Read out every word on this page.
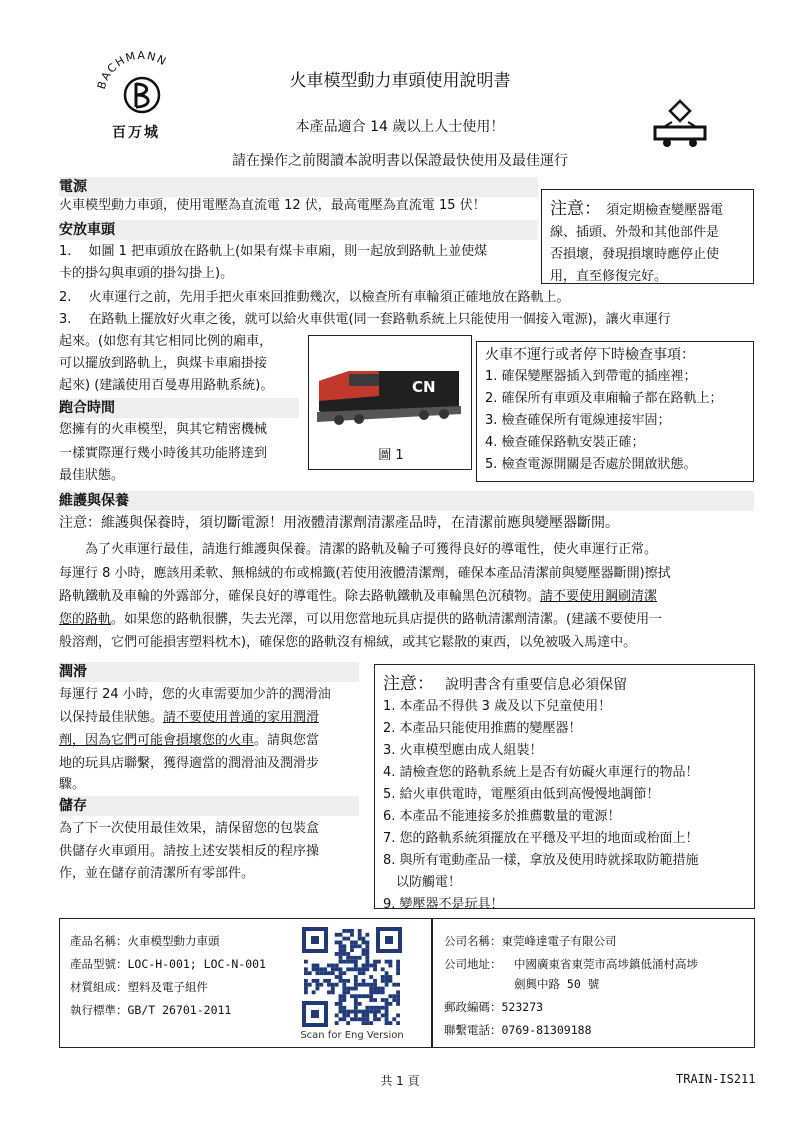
BACHMANN
百万城
火車模型動力車頭使用說明書
本產品適合 14 歲以上人士使用！
請在操作之前閱讀本說明書以保證最快使用及最佳運行
電源
火車模型動力車頭，使用電壓為直流電 12 伏，最高電壓為直流電 15 伏！	注意： 須定期檢查變壓器電
線、插頭、外殼和其他部件是
否損壞，發現損壞時應停止使
用，直至修復完好。
安放車頭
1.　 如圖 1 把車頭放在路軌上(如果有煤卡車廂，則一起放到路軌上並使煤
卡的掛勾與車頭的掛勾掛上)。
2.　 火車運行之前，先用手把火車來回推動幾次，以檢查所有車輪須正確地放在路軌上。
3.　 在路軌上擺放好火車之後，就可以給火車供電(同一套路軌系統上只能使用一個接入電源)，讓火車運行
起來。(如您有其它相同比例的廂車，
可以擺放到路軌上，與煤卡車廂掛接
起來) (建議使用百曼專用路軌系統)。	CN
圖 1
跑合時間
您擁有的火車模型，與其它精密機械
一樣實際運行幾小時後其功能將達到
最佳狀態。
火車不運行或者停下時檢查事項：
1. 確保變壓器插入到帶電的插座裡；
2. 確保所有車頭及車廂輪子都在路軌上；
3. 檢查確保所有電線連接牢固；
4. 檢查確保路軌安裝正確；
5. 檢查電源開關是否處於開啟狀態。
維護與保養
注意：維護與保養時，須切斷電源！用液體清潔劑清潔產品時，在清潔前應與變壓器斷開。
　　為了火車運行最佳，請進行維護與保養。清潔的路軌及輪子可獲得良好的導電性，使火車運行正常。
每運行 8 小時，應該用柔軟、無棉絨的布或棉籤(若使用液體清潔劑，確保本產品清潔前與變壓器斷開)擦拭
路軌鐵軌及車輪的外露部分，確保良好的導電性。除去路軌鐵軌及車輪黑色沉積物。請不要使用鋼刷清潔
您的路軌。如果您的路軌很髒，失去光澤，可以用您當地玩具店提供的路軌清潔劑清潔。(建議不要使用一
般溶劑，它們可能損害塑料枕木)，確保您的路軌沒有棉絨，或其它鬆散的東西，以免被吸入馬達中。
潤滑
每運行 24 小時，您的火車需要加少許的潤滑油
以保持最佳狀態。請不要使用普通的家用潤滑
劑，因為它們可能會損壞您的火車。請與您當
地的玩具店聯繫，獲得適當的潤滑油及潤滑步
驟。
儲存
為了下一次使用最佳效果，請保留您的包裝盒
供儲存火車頭用。請按上述安裝相反的程序操
作，並在儲存前清潔所有零部件。
注意： 說明書含有重要信息必須保留
1. 本產品不得供 3 歲及以下兒童使用！
2. 本產品只能使用推薦的變壓器！
3. 火車模型應由成人組裝！
4. 請檢查您的路軌系統上是否有妨礙火車運行的物品！
5. 給火車供電時，電壓須由低到高慢慢地調節！
6. 本產品不能連接多於推薦數量的電源！
7. 您的路軌系統須擺放在平穩及平坦的地面或枱面上！
8. 與所有電動產品一樣，拿放及使用時就採取防範措施
　以防觸電！
9. 變壓器不是玩具！
產品名稱：火車模型動力車頭
產品型號：LOC-H-001; LOC-N-001
材質組成：塑料及電子組件
執行標準：GB/T 26701-2011
Scan for Eng Version
公司名稱：東莞峰達電子有限公司
公司地址： 中國廣東省東莞市高埗鎮低涌村高埗
劍興中路 50 號
郵政編碼：523273
聯繫電話：0769-81309188
共 1 頁	TRAIN-IS211
